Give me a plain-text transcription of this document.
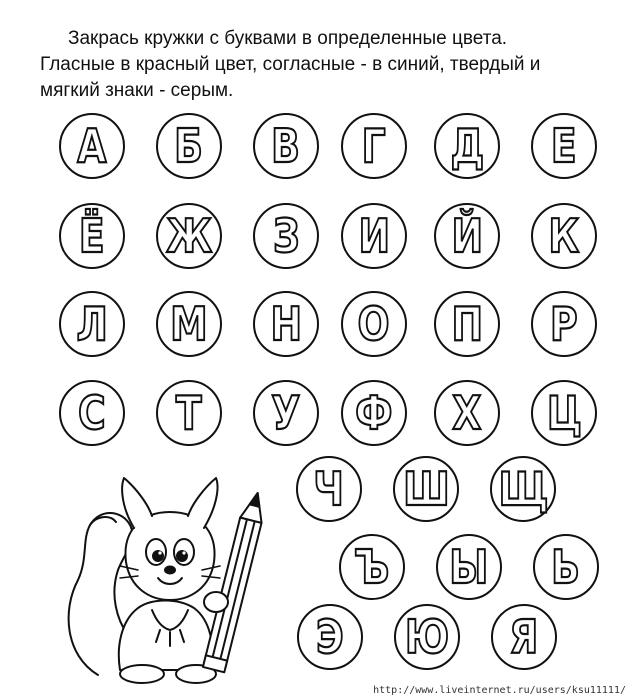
Закрась кружки с буквами в определенные цвета.
Гласные в красный цвет, согласные - в синий, твердый и
мягкий знаки - серым.

А Б В Г Д Е
Ё Ж З И Й К
Л М Н О П Р
С Т У Ф Х Ц
Ч Ш Щ
Ъ Ы Ь
Э Ю Я
http://www.liveinternet.ru/users/ksu11111/
